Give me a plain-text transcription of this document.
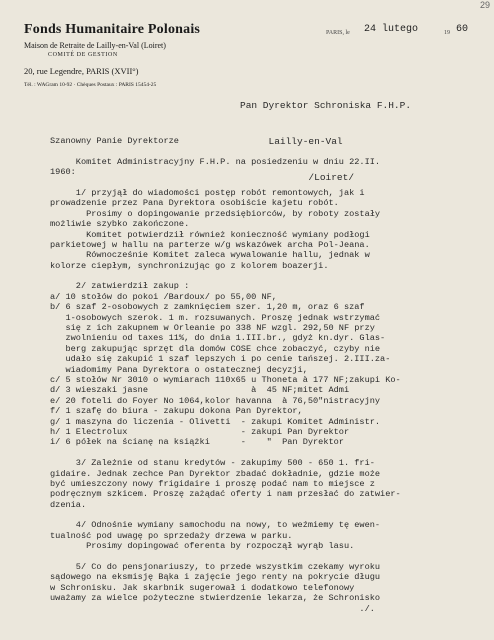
Fonds Humanitaire Polonais
Maison de Retraite de Lailly-en-Val (Loiret)
COMITÉ DE GESTION
20, rue Legendre, PARIS (XVII°)
Tél. : WAGram 10-92 · Chèques Postaux : PARIS 15454-25
29
PARIS, le 24 lutego	19 60

Pan Dyrektor Schroniska F.H.P.

Lailly-en-Val

/Loiret/

Szanowny Panie Dyrektorze
Komitet Administracyjny F.H.P. na posiedzeniu w dniu 22.II.
1960:
1/ przyjął do wiadomości postęp robót remontowych, jak i
prowadzenie przez Pana Dyrektora osobiście kajetu robót.
Prosimy o dopingowanie przedsiębiorców, by roboty zostały
możliwie szybko zakończone.
Komitet potwierdził również konieczność wymiany podłogi
parkietowej w hallu na parterze w/g wskazówek archa Pol-Jeana.
Równocześnie Komitet zaleca wywalowanie hallu, jednak w
kolorze ciepłym, synchronizując go z kolorem boazerji.
2/ zatwierdził zakup :
a/ 10 stołów do pokoi /Bardoux/ po 55,00 NF,
b/ 6 szaf 2-osobowych z zamknięciem szer. 1,20 m, oraz 6 szaf
1-osobowych szerok. 1 m. rozsuwanych. Proszę jednak wstrzymać
się z ich zakupnem w Orleanie po 338 NF wzgl. 292,50 NF przy
zwolnieniu od taxes 11%, do dnia 1.III.br., gdyż kn.dyr. Glas-
berg zakupując sprzęt dla domów COSE chce zobaczyć, czyby nie
udało się zakupić 1 szaf lepszych i po cenie tańszej. 2.III.za-
wiadomimy Pana Dyrektora o ostatecznej decyzji,
c/ 5 stołów Nr 3010 o wymiarach 110x65 u Thoneta à 177 NF;zakupi Ko-
d/ 3 wieszaki jasne                    à  45 NF;mitet Admi
e/ 20 foteli do Foyer No 1064,kolor havanna  à 76,50"nistracyjny
f/ 1 szafę do biura - zakupu dokona Pan Dyrektor,
g/ 1 maszyna do liczenia - Olivetti  - zakupi Komitet Administr.
h/ 1 Electrolux                      - zakupi Pan Dyrektor
i/ 6 półek na ścianę na książki      -    "  Pan Dyrektor
3/ Zależnie od stanu kredytów - zakupimy 500 - 650 1. fri-
gidaire. Jednak zechce Pan Dyrektor zbadać dokładnie, gdzie może
być umieszczony nowy frigidaire i proszę podać nam to miejsce z
podręcznym szkicem. Proszę zażądać oferty i nam przesłać do zatwier-
dzenia.
4/ Odnośnie wymiany samochodu na nowy, to weźmiemy tę ewen-
tualność pod uwagę po sprzedaży drzewa w parku.
Prosimy dopingować oferenta by rozpoczął wyrąb lasu.
5/ Co do pensjonariuszy, to przede wszystkim czekamy wyroku
sądowego na eksmisję Bąka i zajęcie jego renty na pokrycie długu
w Schronisku. Jak skarbnik sugerował i dodatkowo telefonowy
uważamy za wielce pożyteczne stwierdzenie lekarza, że Schronisko
./.
